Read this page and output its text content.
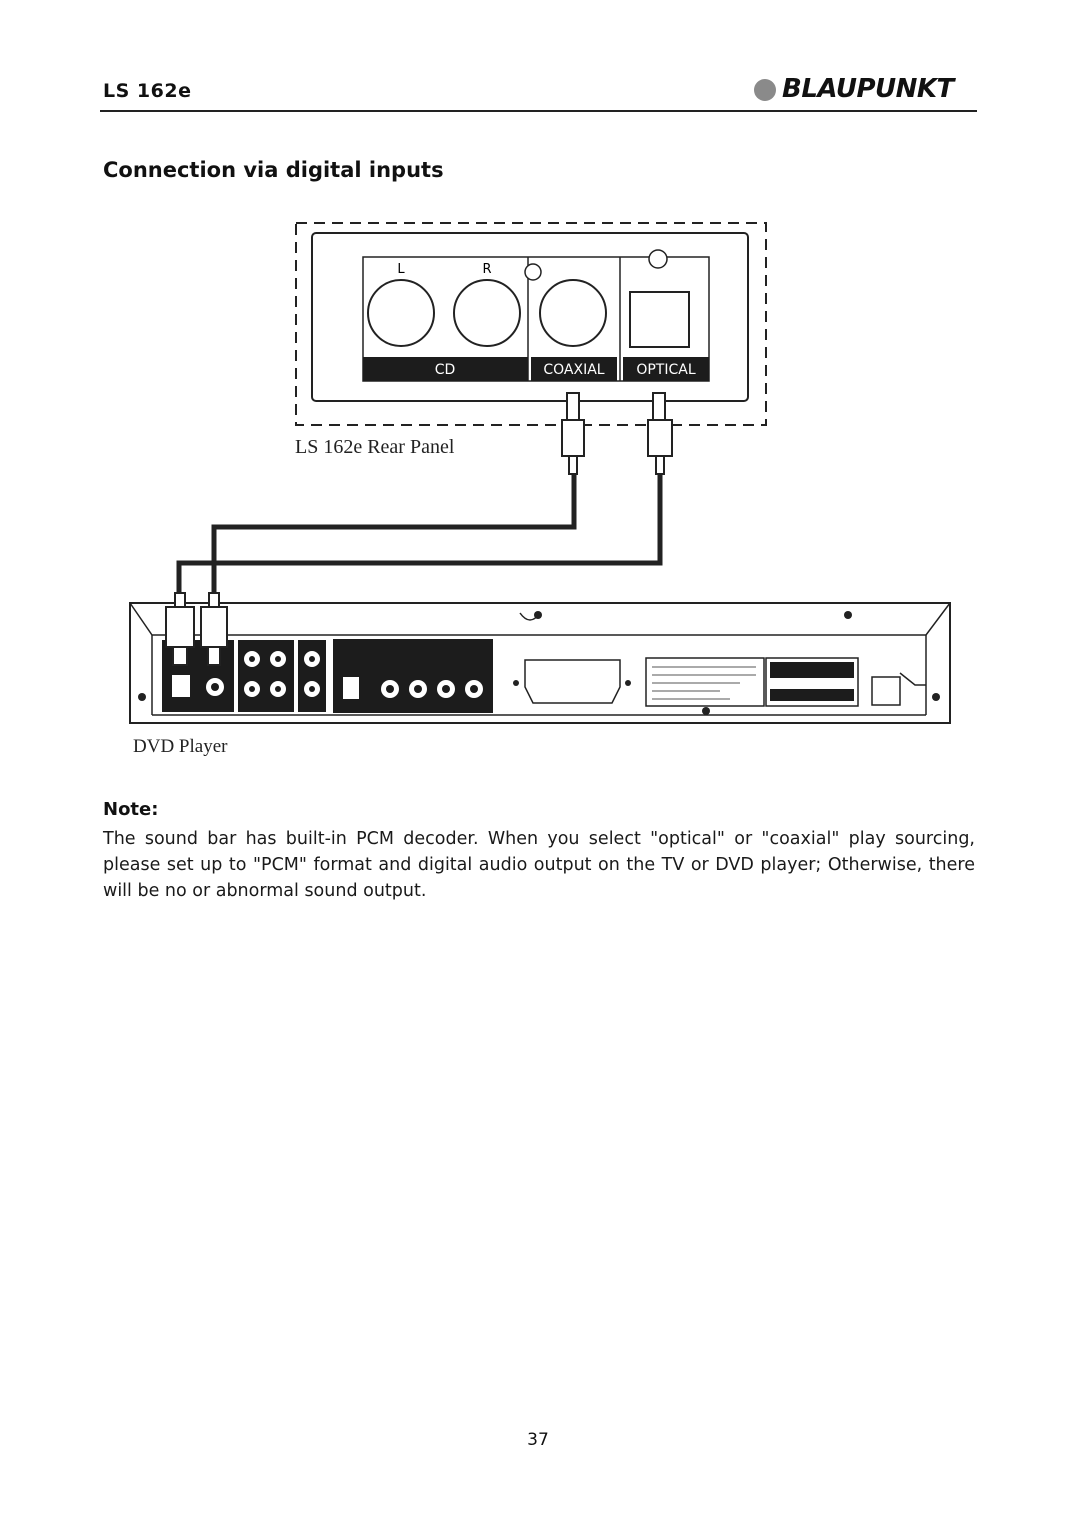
LS 162e	BLAUPUNKT
Connection via digital inputs
L	R
CD	COAXIAL OPTICAL
LS 162e Rear Panel
DVD Player
Note:
The sound bar has built-in PCM decoder. When you select "optical" or "coaxial" play sourcing, please set up to "PCM" format and digital audio output on the TV or DVD player; Otherwise, there will be no or abnormal sound output.
37
